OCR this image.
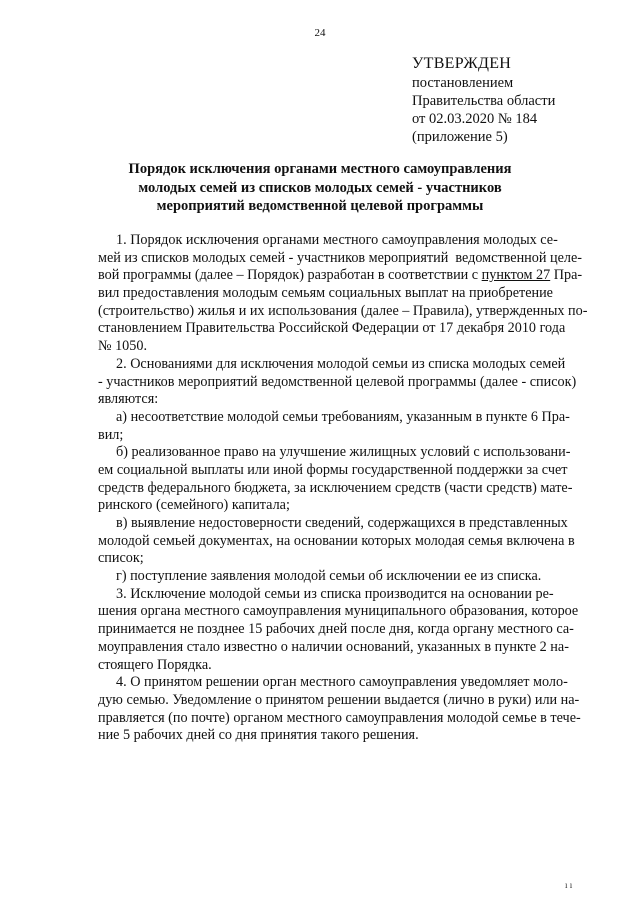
24
УТВЕРЖДЕН
постановлением
Правительства области
от 02.03.2020 № 184
(приложение 5)
Порядок исключения органами местного самоуправления
молодых семей из списков молодых семей - участников
мероприятий ведомственной целевой программы
1. Порядок исключения органами местного самоуправления молодых се-
мей из списков молодых семей - участников мероприятий  ведомственной целе-
вой программы (далее – Порядок) разработан в соответствии с пунктом 27 Пра-
вил предоставления молодым семьям социальных выплат на приобретение
(строительство) жилья и их использования (далее – Правила), утвержденных по-
становлением Правительства Российской Федерации от 17 декабря 2010 года
№ 1050.
2. Основаниями для исключения молодой семьи из списка молодых семей
- участников мероприятий ведомственной целевой программы (далее - список)
являются:
а) несоответствие молодой семьи требованиям, указанным в пункте 6 Пра-
вил;
б) реализованное право на улучшение жилищных условий с использовани-
ем социальной выплаты или иной формы государственной поддержки за счет
средств федерального бюджета, за исключением средств (части средств) мате-
ринского (семейного) капитала;
в) выявление недостоверности сведений, содержащихся в представленных
молодой семьей документах, на основании которых молодая семья включена в
список;
г) поступление заявления молодой семьи об исключении ее из списка.
3. Исключение молодой семьи из списка производится на основании ре-
шения органа местного самоуправления муниципального образования, которое
принимается не позднее 15 рабочих дней после дня, когда органу местного са-
моуправления стало известно о наличии оснований, указанных в пункте 2 на-
стоящего Порядка.
4. О принятом решении орган местного самоуправления уведомляет моло-
дую семью. Уведомление о принятом решении выдается (лично в руки) или на-
правляется (по почте) органом местного самоуправления молодой семье в тече-
ние 5 рабочих дней со дня принятия такого решения.
ı ı
